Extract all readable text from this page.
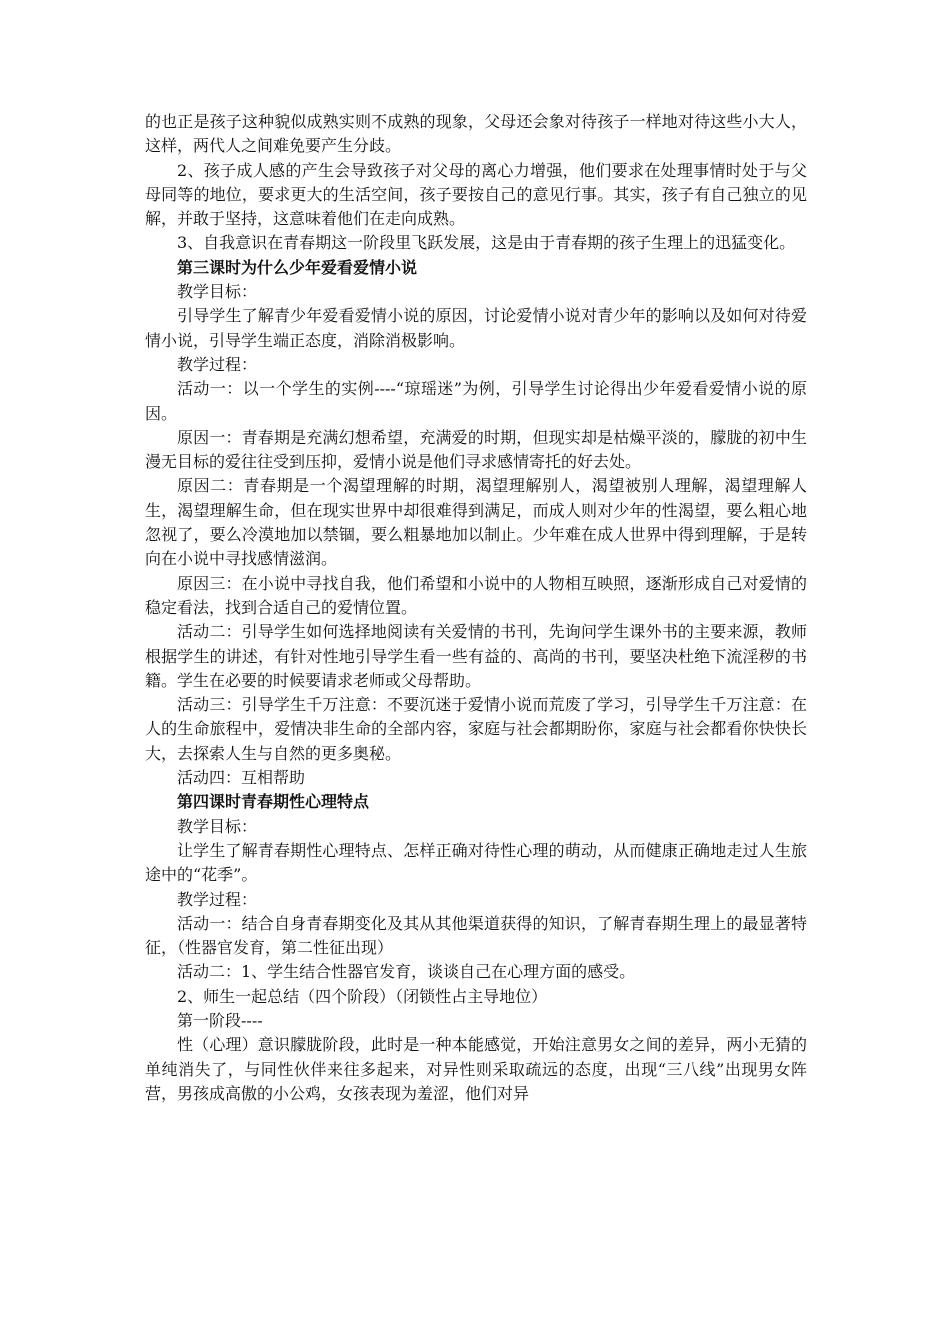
的也正是孩子这种貌似成熟实则不成熟的现象，父母还会象对待孩子一样地对待这些小大人，这样，两代人之间难免要产生分歧。

2、孩子成人感的产生会导致孩子对父母的离心力增强，他们要求在处理事情时处于与父母同等的地位，要求更大的生活空间，孩子要按自己的意见行事。其实，孩子有自己独立的见解，并敢于坚持，这意味着他们在走向成熟。

3、自我意识在青春期这一阶段里飞跃发展，这是由于青春期的孩子生理上的迅猛变化。

第三课时为什么少年爱看爱情小说

教学目标：

引导学生了解青少年爱看爱情小说的原因，讨论爱情小说对青少年的影响以及如何对待爱情小说，引导学生端正态度，消除消极影响。

教学过程：

活动一：以一个学生的实例----“琼瑶迷”为例，引导学生讨论得出少年爱看爱情小说的原因。

原因一：青春期是充满幻想希望，充满爱的时期，但现实却是枯燥平淡的，朦胧的初中生漫无目标的爱往往受到压抑，爱情小说是他们寻求感情寄托的好去处。

原因二：青春期是一个渴望理解的时期，渴望理解别人，渴望被别人理解，渴望理解人生，渴望理解生命，但在现实世界中却很难得到满足，而成人则对少年的性渴望，要么粗心地忽视了，要么冷漠地加以禁锢，要么粗暴地加以制止。少年难在成人世界中得到理解，于是转向在小说中寻找感情滋润。

原因三：在小说中寻找自我，他们希望和小说中的人物相互映照，逐渐形成自己对爱情的稳定看法，找到合适自己的爱情位置。

活动二：引导学生如何选择地阅读有关爱情的书刊，先询问学生课外书的主要来源，教师根据学生的讲述，有针对性地引导学生看一些有益的、高尚的书刊，要坚决杜绝下流淫秽的书籍。学生在必要的时候要请求老师或父母帮助。

活动三：引导学生千万注意：不要沉迷于爱情小说而荒废了学习，引导学生千万注意：在人的生命旅程中，爱情决非生命的全部内容，家庭与社会都期盼你，家庭与社会都看你快快长大，去探索人生与自然的更多奥秘。

活动四：互相帮助

第四课时青春期性心理特点

教学目标：

让学生了解青春期性心理特点、怎样正确对待性心理的萌动，从而健康正确地走过人生旅途中的“花季”。

教学过程：

活动一：结合自身青春期变化及其从其他渠道获得的知识，了解青春期生理上的最显著特征，（性器官发育，第二性征出现）

活动二：1、学生结合性器官发育，谈谈自己在心理方面的感受。

2、师生一起总结（四个阶段）（闭锁性占主导地位）

第一阶段----

性（心理）意识朦胧阶段，此时是一种本能感觉，开始注意男女之间的差异，两小无猜的单纯消失了，与同性伙伴来往多起来，对异性则采取疏远的态度，出现“三八线”出现男女阵营，男孩成高傲的小公鸡，女孩表现为羞涩，他们对异
